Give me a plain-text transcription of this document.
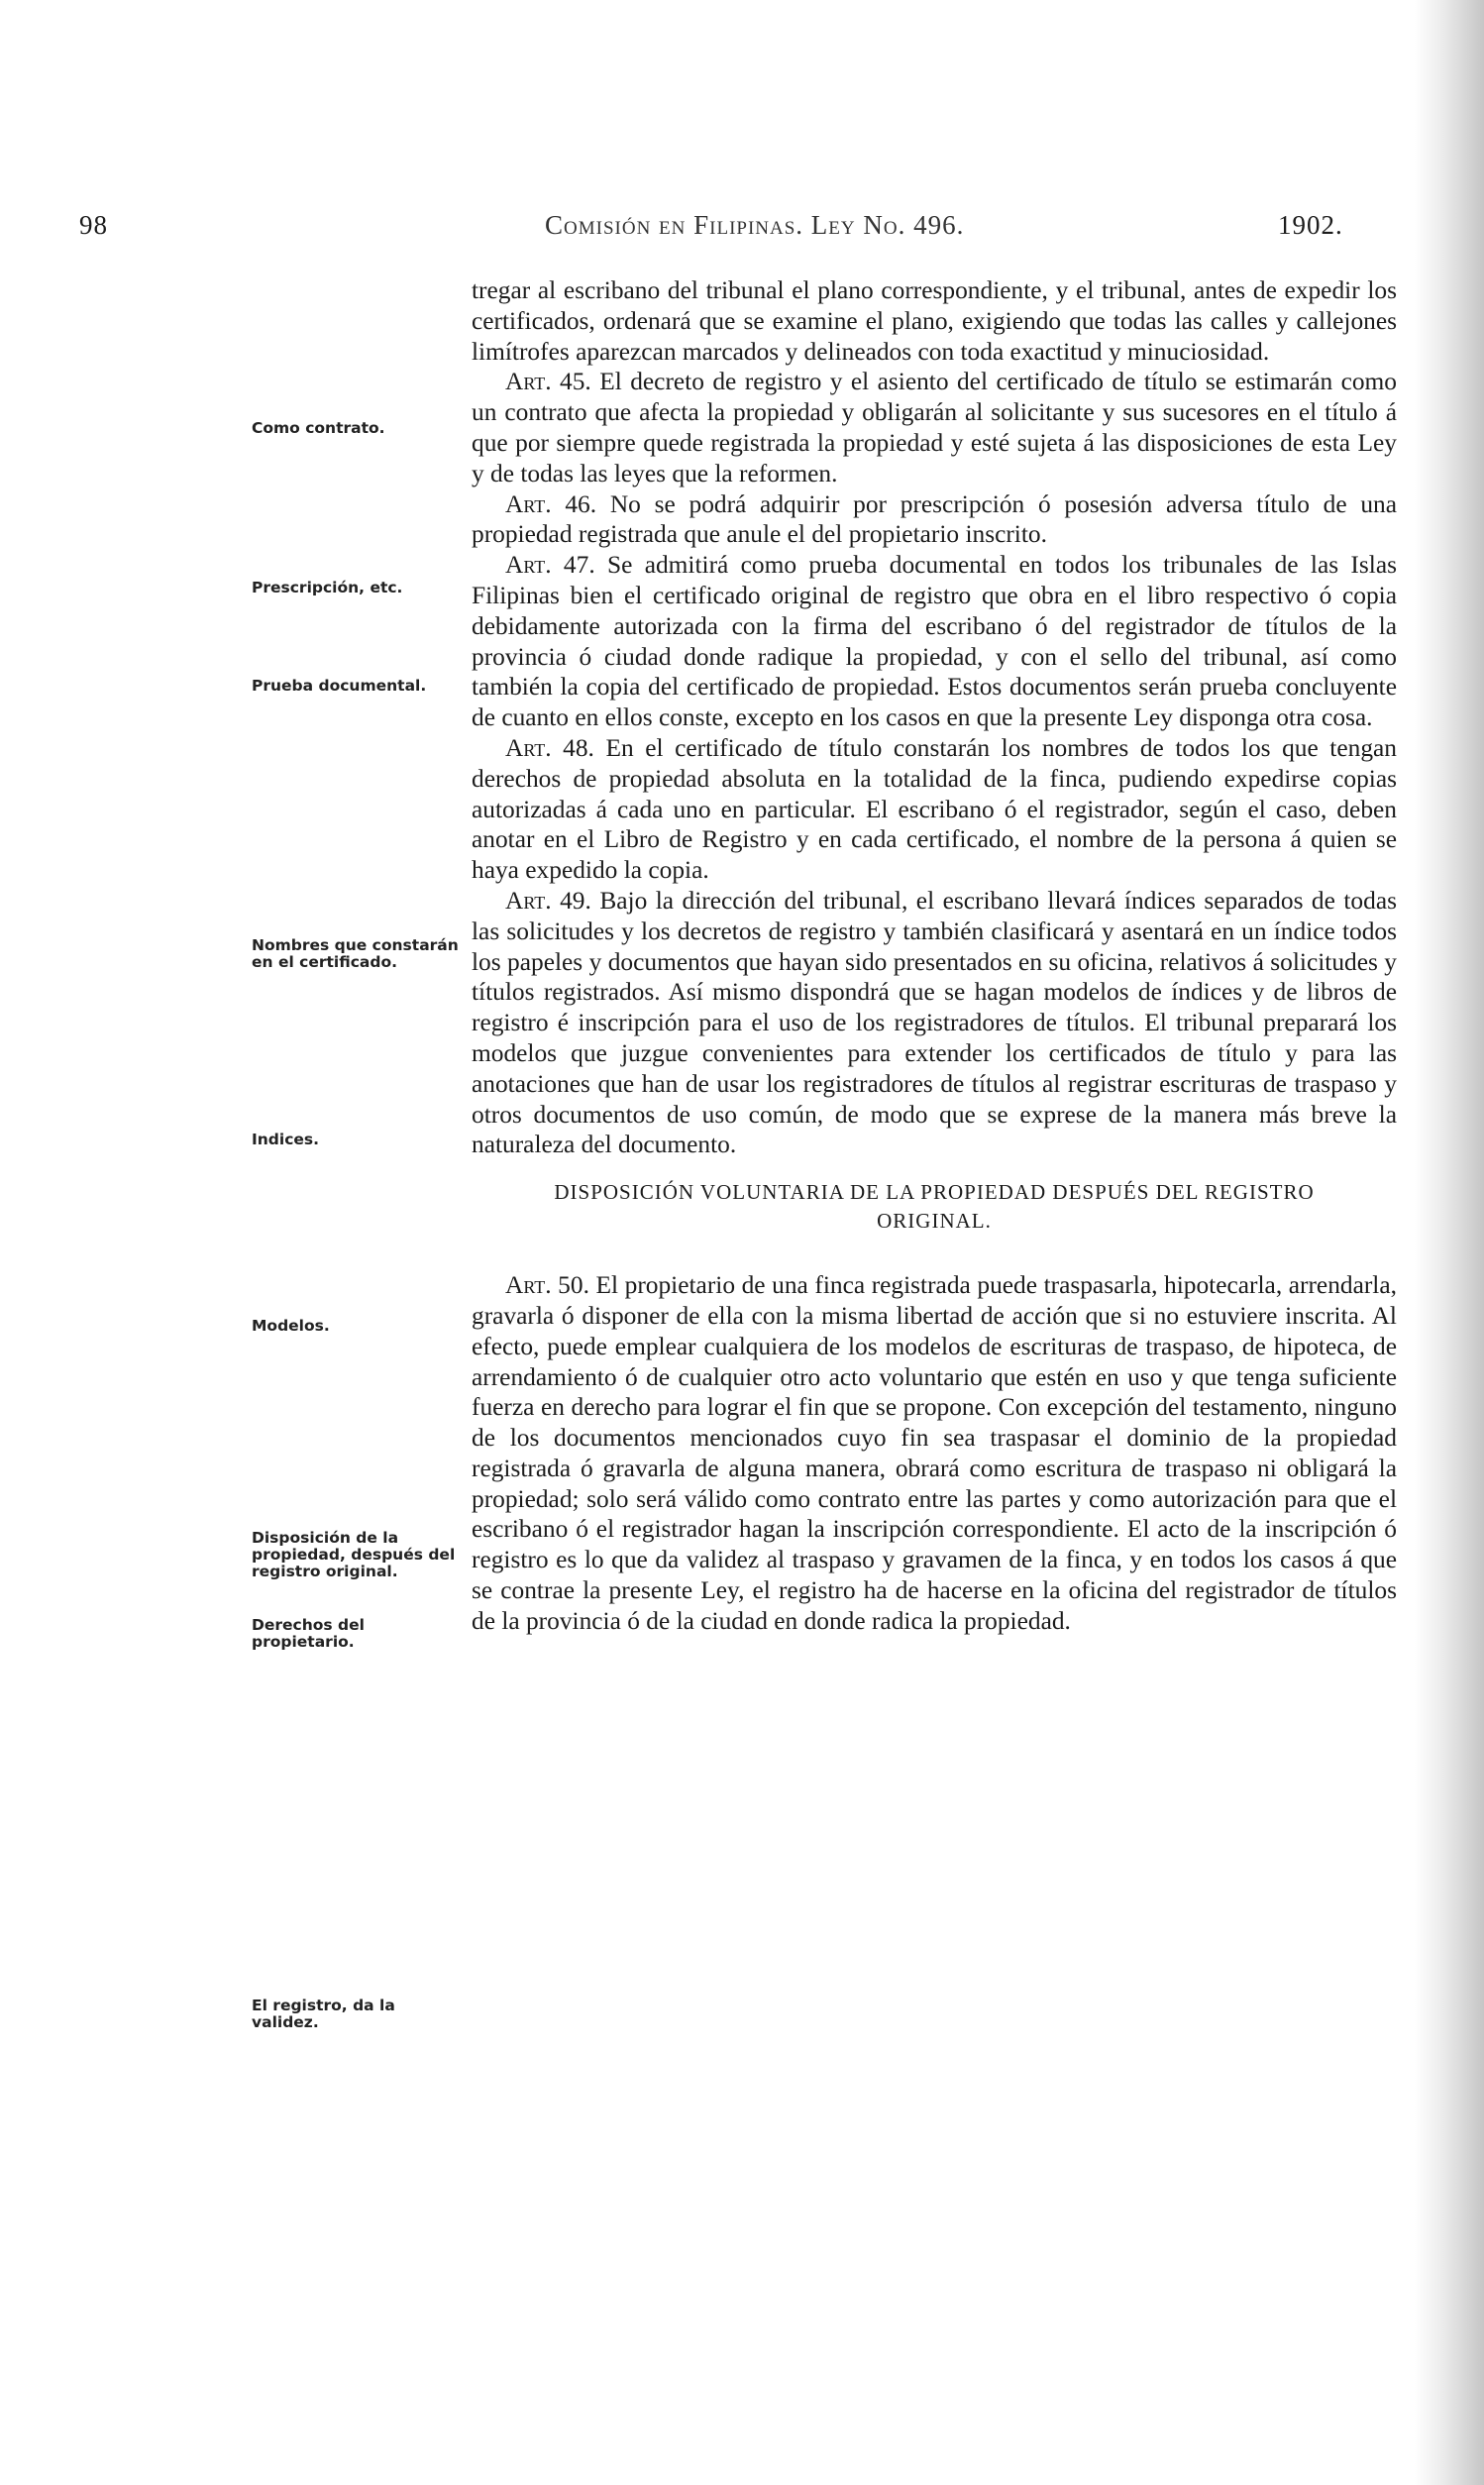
98	Comisión en Filipinas. Ley No. 496.	1902.
Como contrato.
Prescripción, etc.
Prueba documental.
Nombres que constarán en el certificado.
Indices.
Modelos.
Disposición de la propiedad, después del registro original.
Derechos del propietario.
El registro, da la validez.

tregar al escribano del tribunal el plano correspondiente, y el tribunal, antes de expedir los certificados, ordenará que se examine el plano, exigiendo que todas las calles y callejones limítrofes aparezcan marcados y delineados con toda exactitud y minuciosidad.

Art. 45. El decreto de registro y el asiento del certificado de título se estimarán como un contrato que afecta la propiedad y obligarán al solicitante y sus sucesores en el título á que por siempre quede registrada la propiedad y esté sujeta á las disposiciones de esta Ley y de todas las leyes que la reformen.

Art. 46. No se podrá adquirir por prescripción ó posesión adversa título de una propiedad registrada que anule el del propietario inscrito.

Art. 47. Se admitirá como prueba documental en todos los tribunales de las Islas Filipinas bien el certificado original de registro que obra en el libro respectivo ó copia debidamente autorizada con la firma del escribano ó del registrador de títulos de la provincia ó ciudad donde radique la propiedad, y con el sello del tribunal, así como también la copia del certificado de propiedad. Estos documentos serán prueba concluyente de cuanto en ellos conste, excepto en los casos en que la presente Ley disponga otra cosa.

Art. 48. En el certificado de título constarán los nombres de todos los que tengan derechos de propiedad absoluta en la totalidad de la finca, pudiendo expedirse copias autorizadas á cada uno en particular. El escribano ó el registrador, según el caso, deben anotar en el Libro de Registro y en cada certificado, el nombre de la persona á quien se haya expedido la copia.

Art. 49. Bajo la dirección del tribunal, el escribano llevará índices separados de todas las solicitudes y los decretos de registro y también clasificará y asentará en un índice todos los papeles y documentos que hayan sido presentados en su oficina, relativos á solicitudes y títulos registrados. Así mismo dispondrá que se hagan modelos de índices y de libros de registro é inscripción para el uso de los registradores de títulos. El tribunal preparará los modelos que juzgue convenientes para extender los certificados de título y para las anotaciones que han de usar los registradores de títulos al registrar escrituras de traspaso y otros documentos de uso común, de modo que se exprese de la manera más breve la naturaleza del documento.

DISPOSICIÓN VOLUNTARIA DE LA PROPIEDAD DESPUÉS DEL REGISTRO
ORIGINAL.

Art. 50. El propietario de una finca registrada puede traspasarla, hipotecarla, arrendarla, gravarla ó disponer de ella con la misma libertad de acción que si no estuviere inscrita. Al efecto, puede emplear cualquiera de los modelos de escrituras de traspaso, de hipoteca, de arrendamiento ó de cualquier otro acto voluntario que estén en uso y que tenga suficiente fuerza en derecho para lograr el fin que se propone. Con excepción del testamento, ninguno de los documentos mencionados cuyo fin sea traspasar el dominio de la propiedad registrada ó gravarla de alguna manera, obrará como escritura de traspaso ni obligará la propiedad; solo será válido como contrato entre las partes y como autorización para que el escribano ó el registrador hagan la inscripción correspondiente. El acto de la inscripción ó registro es lo que da validez al traspaso y gravamen de la finca, y en todos los casos á que se contrae la presente Ley, el registro ha de hacerse en la oficina del registrador de títulos de la provincia ó de la ciudad en donde radica la propiedad.
